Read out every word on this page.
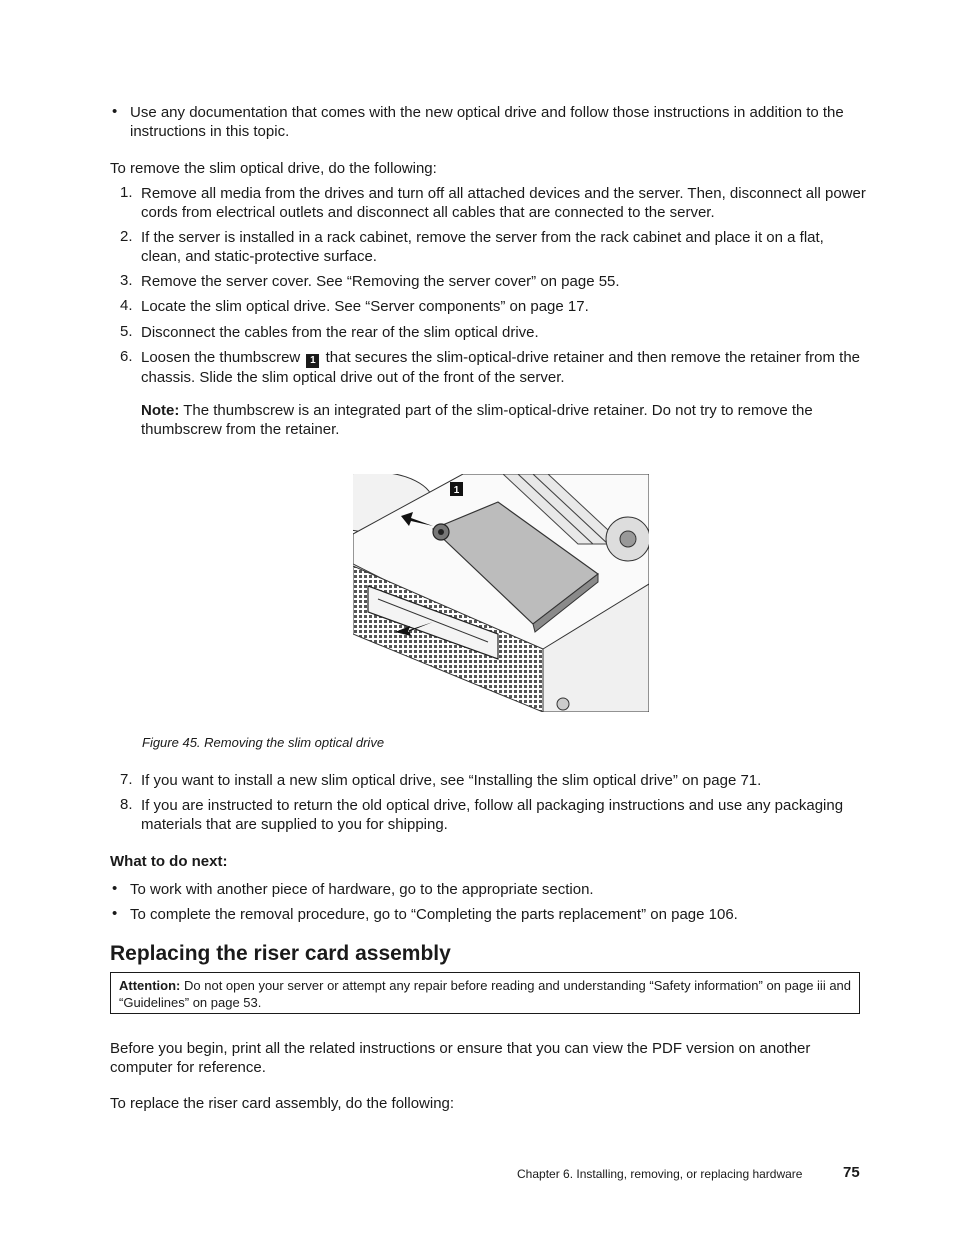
• Use any documentation that comes with the new optical drive and follow those instructions in addition to the instructions in this topic.
To remove the slim optical drive, do the following:
1. Remove all media from the drives and turn off all attached devices and the server. Then, disconnect all power cords from electrical outlets and disconnect all cables that are connected to the server.
2. If the server is installed in a rack cabinet, remove the server from the rack cabinet and place it on a flat, clean, and static-protective surface.
3. Remove the server cover. See “Removing the server cover” on page 55.
4. Locate the slim optical drive. See “Server components” on page 17.
5. Disconnect the cables from the rear of the slim optical drive.
6. Loosen the thumbscrew 1 that secures the slim-optical-drive retainer and then remove the retainer from the chassis. Slide the slim optical drive out of the front of the server.
Note: The thumbscrew is an integrated part of the slim-optical-drive retainer. Do not try to remove the thumbscrew from the retainer.
1
Figure 45. Removing the slim optical drive
7. If you want to install a new slim optical drive, see “Installing the slim optical drive” on page 71.
8. If you are instructed to return the old optical drive, follow all packaging instructions and use any packaging materials that are supplied to you for shipping.
What to do next:
• To work with another piece of hardware, go to the appropriate section.
• To complete the removal procedure, go to “Completing the parts replacement” on page 106.
Replacing the riser card assembly
Attention: Do not open your server or attempt any repair before reading and understanding “Safety information” on page iii and “Guidelines” on page 53.
Before you begin, print all the related instructions or ensure that you can view the PDF version on another computer for reference.
To replace the riser card assembly, do the following:
Chapter 6. Installing, removing, or replacing hardware	75
